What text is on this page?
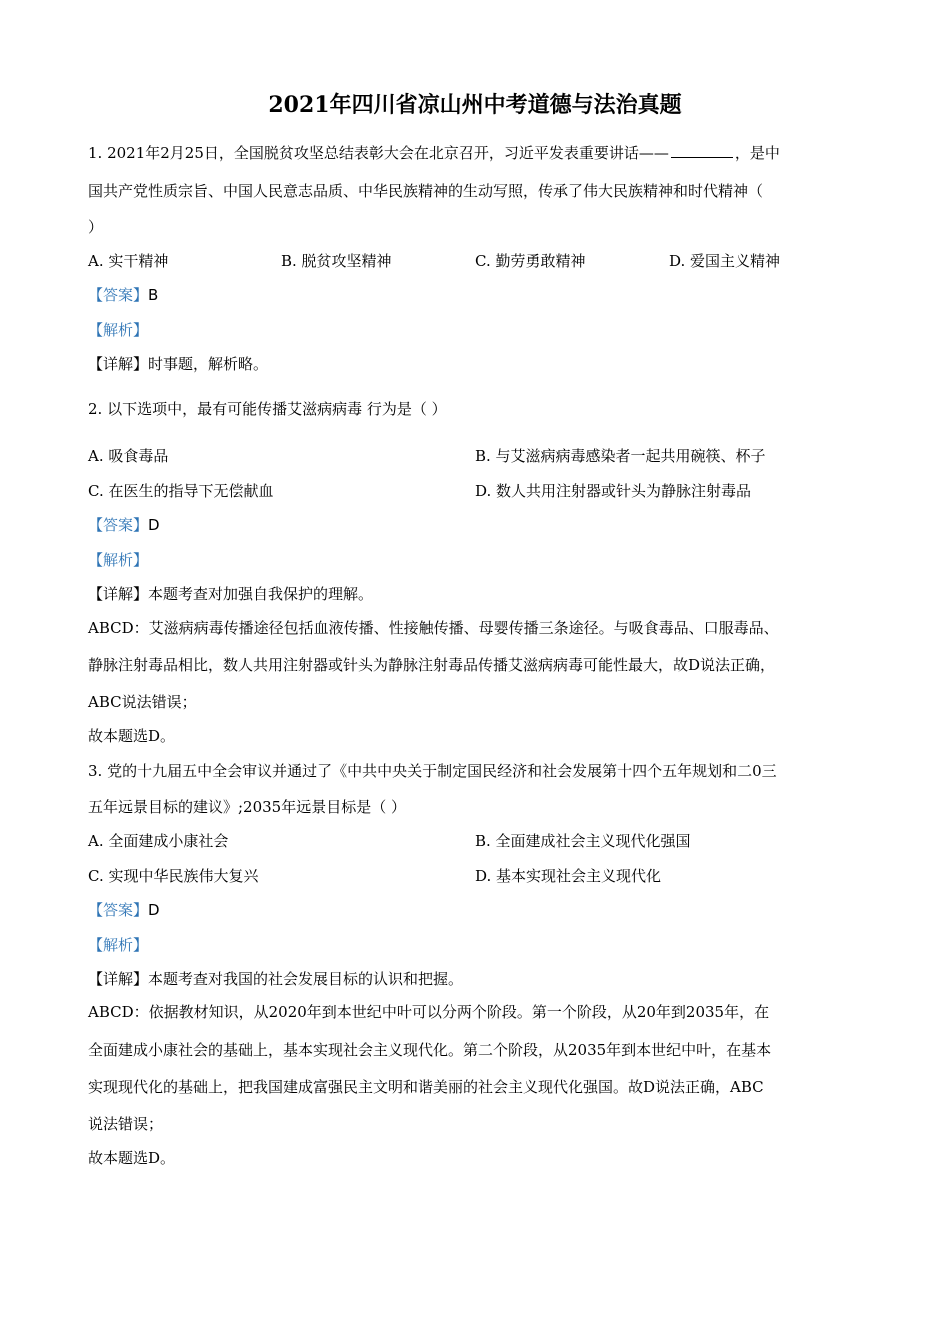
2021年四川省凉山州中考道德与法治真题
1. 2021年2月25日，全国脱贫攻坚总结表彰大会在北京召开，习近平发表重要讲话——	，是中
国共产党性质宗旨、中国人民意志品质、中华民族精神的生动写照，传承了伟大民族精神和时代精神（
）
A. 实干精神	B. 脱贫攻坚精神	C. 勤劳勇敢精神	D. 爱国主义精神
【答案】B
【解析】
【详解】时事题，解析略。
2. 以下选项中，最有可能传播艾滋病病毒 行为是（ ）
A. 吸食毒品	B. 与艾滋病病毒感染者一起共用碗筷、杯子
C. 在医生的指导下无偿献血	D. 数人共用注射器或针头为静脉注射毒品
【答案】D
【解析】
【详解】本题考查对加强自我保护的理解。
ABCD：艾滋病病毒传播途径包括血液传播、性接触传播、母婴传播三条途径。与吸食毒品、口服毒品、
静脉注射毒品相比，数人共用注射器或针头为静脉注射毒品传播艾滋病病毒可能性最大，故D说法正确，
ABC说法错误；
故本题选D。
3. 党的十九届五中全会审议并通过了《中共中央关于制定国民经济和社会发展第十四个五年规划和二0三
五年远景目标的建议》;2035年远景目标是（ ）
A. 全面建成小康社会	B. 全面建成社会主义现代化强国
C. 实现中华民族伟大复兴	D. 基本实现社会主义现代化
【答案】D
【解析】
【详解】本题考查对我国的社会发展目标的认识和把握。
ABCD：依据教材知识，从2020年到本世纪中叶可以分两个阶段。第一个阶段，从20年到2035年，在
全面建成小康社会的基础上，基本实现社会主义现代化。第二个阶段，从2035年到本世纪中叶，在基本
实现现代化的基础上，把我国建成富强民主文明和谐美丽的社会主义现代化强国。故D说法正确，ABC
说法错误；
故本题选D。
